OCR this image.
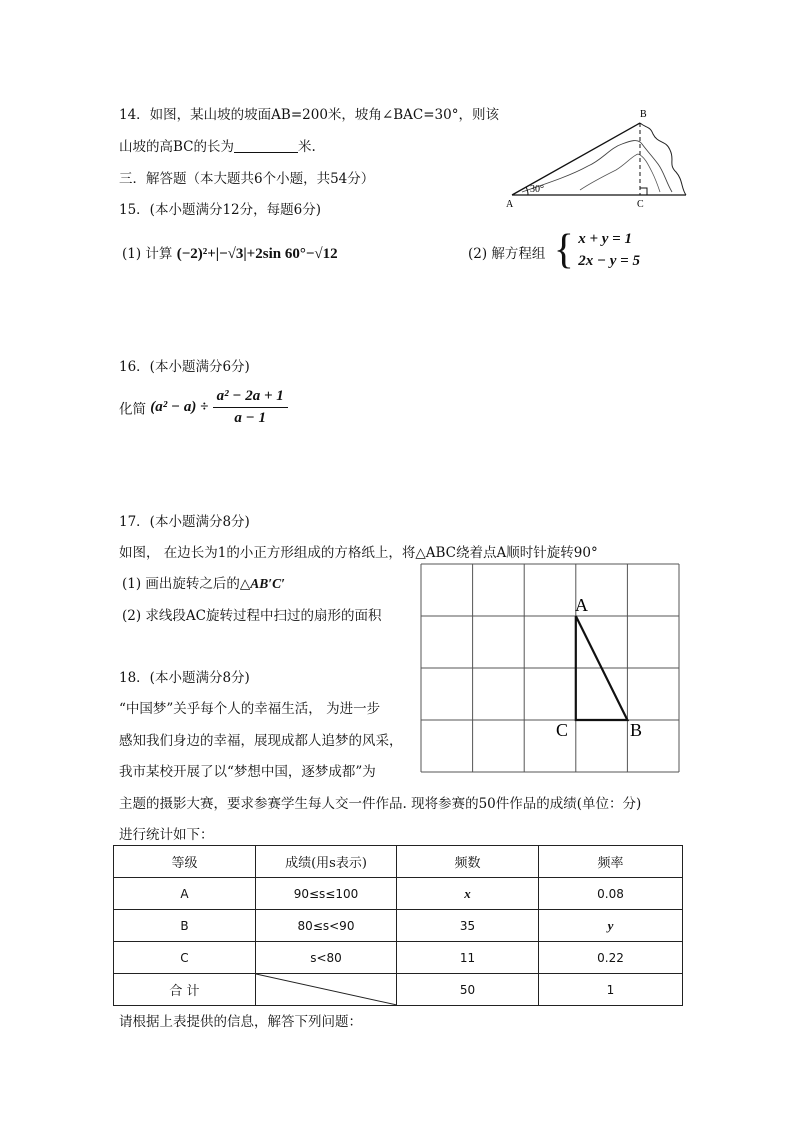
14．如图，某山坡的坡面AB=200米，坡角∠BAC=30°，则该
山坡的高BC的长为	米.
30°
A
B
C
三．解答题（本大题共6个小题，共54分）
15．(本小题满分12分，每题6分)
(1) 计算 (−2)²+|−√3|+2sin 60°−√12	(2) 解方程组 { x + y = 1
2x − y = 5
16．(本小题满分6分)
化简 $(a^2 - a) \div \frac{\text{a² − 2a + 1}}{a - 1}$
17．(本小题满分8分)
如图， 在边长为1的小正方形组成的方格纸上，将△ABC绕着点A顺时针旋转90°
(1) 画出旋转之后的△AB′C′
(2) 求线段AC旋转过程中扫过的扇形的面积
A
C	B
18．(本小题满分8分)
“中国梦”关乎每个人的幸福生活， 为进一步
感知我们身边的幸福，展现成都人追梦的风采，
我市某校开展了以“梦想中国，逐梦成都”为
主题的摄影大赛，要求参赛学生每人交一件作品. 现将参赛的50件作品的成绩(单位：分)
进行统计如下：
等级	成绩(用s表示)	频数	频率
A	90≤s≤100	x	0.08
B	80≤s<90	35	y
C	s<80	11	0.22
合 计		50	1
请根据上表提供的信息，解答下列问题：
